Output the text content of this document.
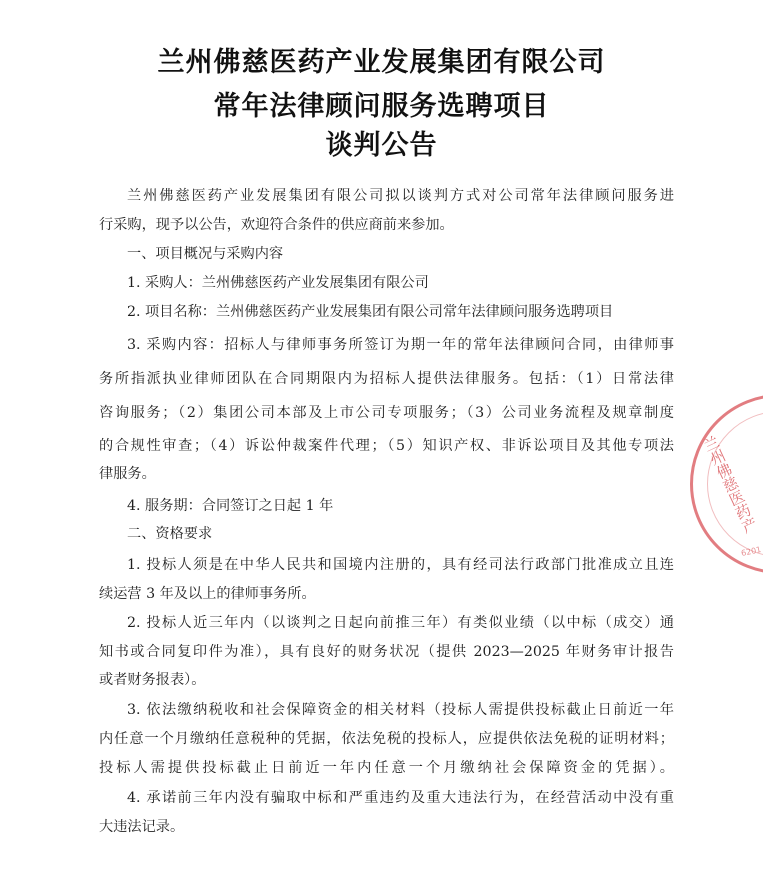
兰州佛慈医药产业发展集团有限公司
常年法律顾问服务选聘项目
谈判公告
兰州佛慈医药产业发展集团有限公司拟以谈判方式对公司常年法律顾问服务进
行采购，现予以公告，欢迎符合条件的供应商前来参加。
一、项目概况与采购内容
1. 采购人：兰州佛慈医药产业发展集团有限公司
2. 项目名称：兰州佛慈医药产业发展集团有限公司常年法律顾问服务选聘项目
3. 采购内容：招标人与律师事务所签订为期一年的常年法律顾问合同，由律师事
务所指派执业律师团队在合同期限内为招标人提供法律服务。包括：（1）日常法律
咨询服务；（2）集团公司本部及上市公司专项服务；（3）公司业务流程及规章制度
的合规性审查；（4）诉讼仲裁案件代理；（5）知识产权、非诉讼项目及其他专项法
律服务。
4. 服务期：合同签订之日起 1 年
二、资格要求
1. 投标人须是在中华人民共和国境内注册的，具有经司法行政部门批准成立且连
续运营 3 年及以上的律师事务所。
2. 投标人近三年内（以谈判之日起向前推三年）有类似业绩（以中标（成交）通
知书或合同复印件为准），具有良好的财务状况（提供 2023—2025 年财务审计报告
或者财务报表）。
3. 依法缴纳税收和社会保障资金的相关材料（投标人需提供投标截止日前近一年
内任意一个月缴纳任意税种的凭据，依法免税的投标人，应提供依法免税的证明材料；
投标人需提供投标截止日前近一年内任意一个月缴纳社会保障资金的凭据）。
4. 承诺前三年内没有骗取中标和严重违约及重大违法行为，在经营活动中没有重
大违法记录。
兰州佛慈医药产
6201
